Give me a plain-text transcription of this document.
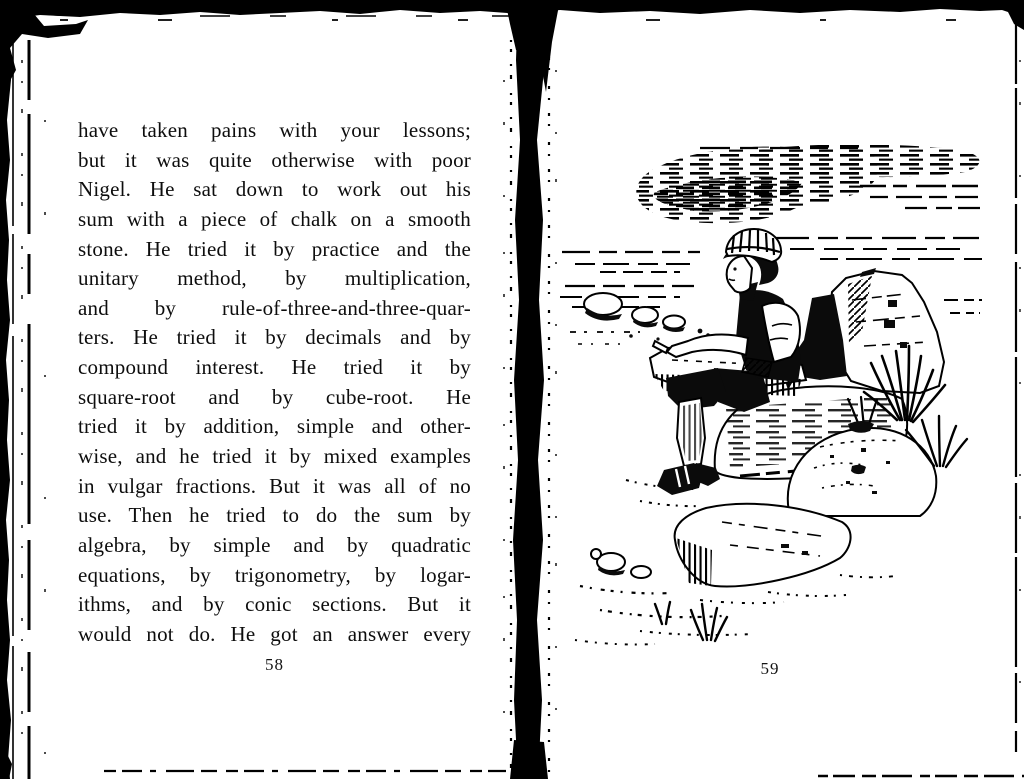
have taken pains with your lessons;
but it was quite otherwise with poor
Nigel. He sat down to work out his
sum with a piece of chalk on a smooth
stone. He tried it by practice and the
unitary method, by multiplication,
and by rule-of-three-and-three-quar-
ters. He tried it by decimals and by
compound interest. He tried it by
square-root and by cube-root. He
tried it by addition, simple and other-
wise, and he tried it by mixed examples
in vulgar fractions. But it was all of no
use. Then he tried to do the sum by
algebra, by simple and by quadratic
equations, by trigonometry, by logar-
ithms, and by conic sections. But it
would not do. He got an answer every
58	59
